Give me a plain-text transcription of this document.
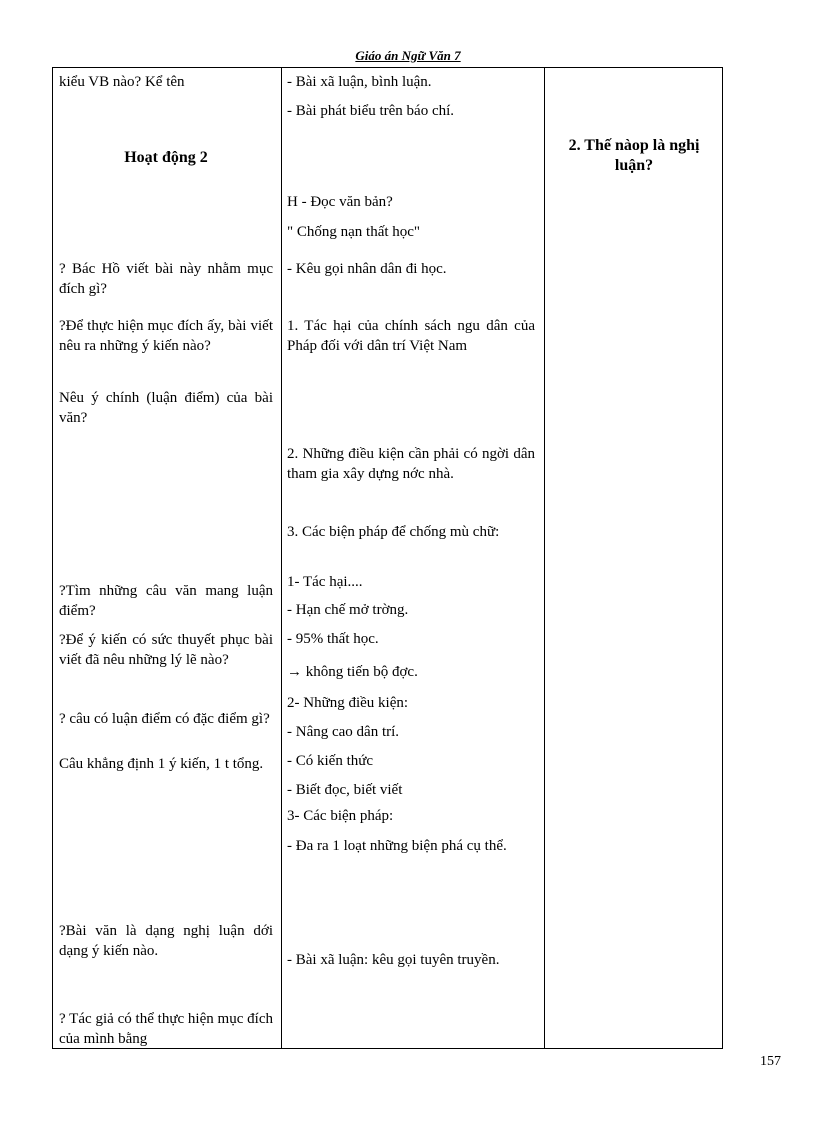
Giáo án Ngữ Văn 7
kiểu VB nào? Kể tên
Hoạt động 2
? Bác Hồ viết bài này nhằm mục đích gì?
?Để thực hiện mục đích ấy, bài viết nêu ra những ý kiến nào?
Nêu ý chính (luận điểm) của bài văn?
?Tìm những câu văn mang luận điểm?
?Để ý kiến có sức thuyết phục bài viết đã nêu những lý lẽ nào?
? câu có luận điểm có đặc điểm gì?
Câu khẳng định 1 ý kiến, 1 t tổng.
?Bài văn là dạng nghị luận dới dạng ý kiến nào.
? Tác giả có thể thực hiện mục đích của mình bằng
- Bài xã luận, bình luận.
- Bài phát biểu trên báo chí.
H - Đọc văn bản?
" Chống nạn thất học"
- Kêu gọi nhân dân đi học.
1. Tác hại của chính sách ngu dân của Pháp đối với dân trí Việt Nam
2. Những điều kiện cần phải có ngời dân tham gia xây dựng nớc nhà.
3. Các biện pháp để chống mù chữ:
1- Tác hại....
- Hạn chế mở trờng.
- 95% thất học.
→ không tiến bộ đợc.
2- Những điều kiện:
- Nâng cao dân trí.
- Có kiến thức
- Biết đọc, biết viết
3- Các biện pháp:
- Đa ra 1 loạt những biện phá cụ thể.
- Bài xã luận: kêu gọi tuyên truyền.
2. Thế nàop là nghị luận?
157
